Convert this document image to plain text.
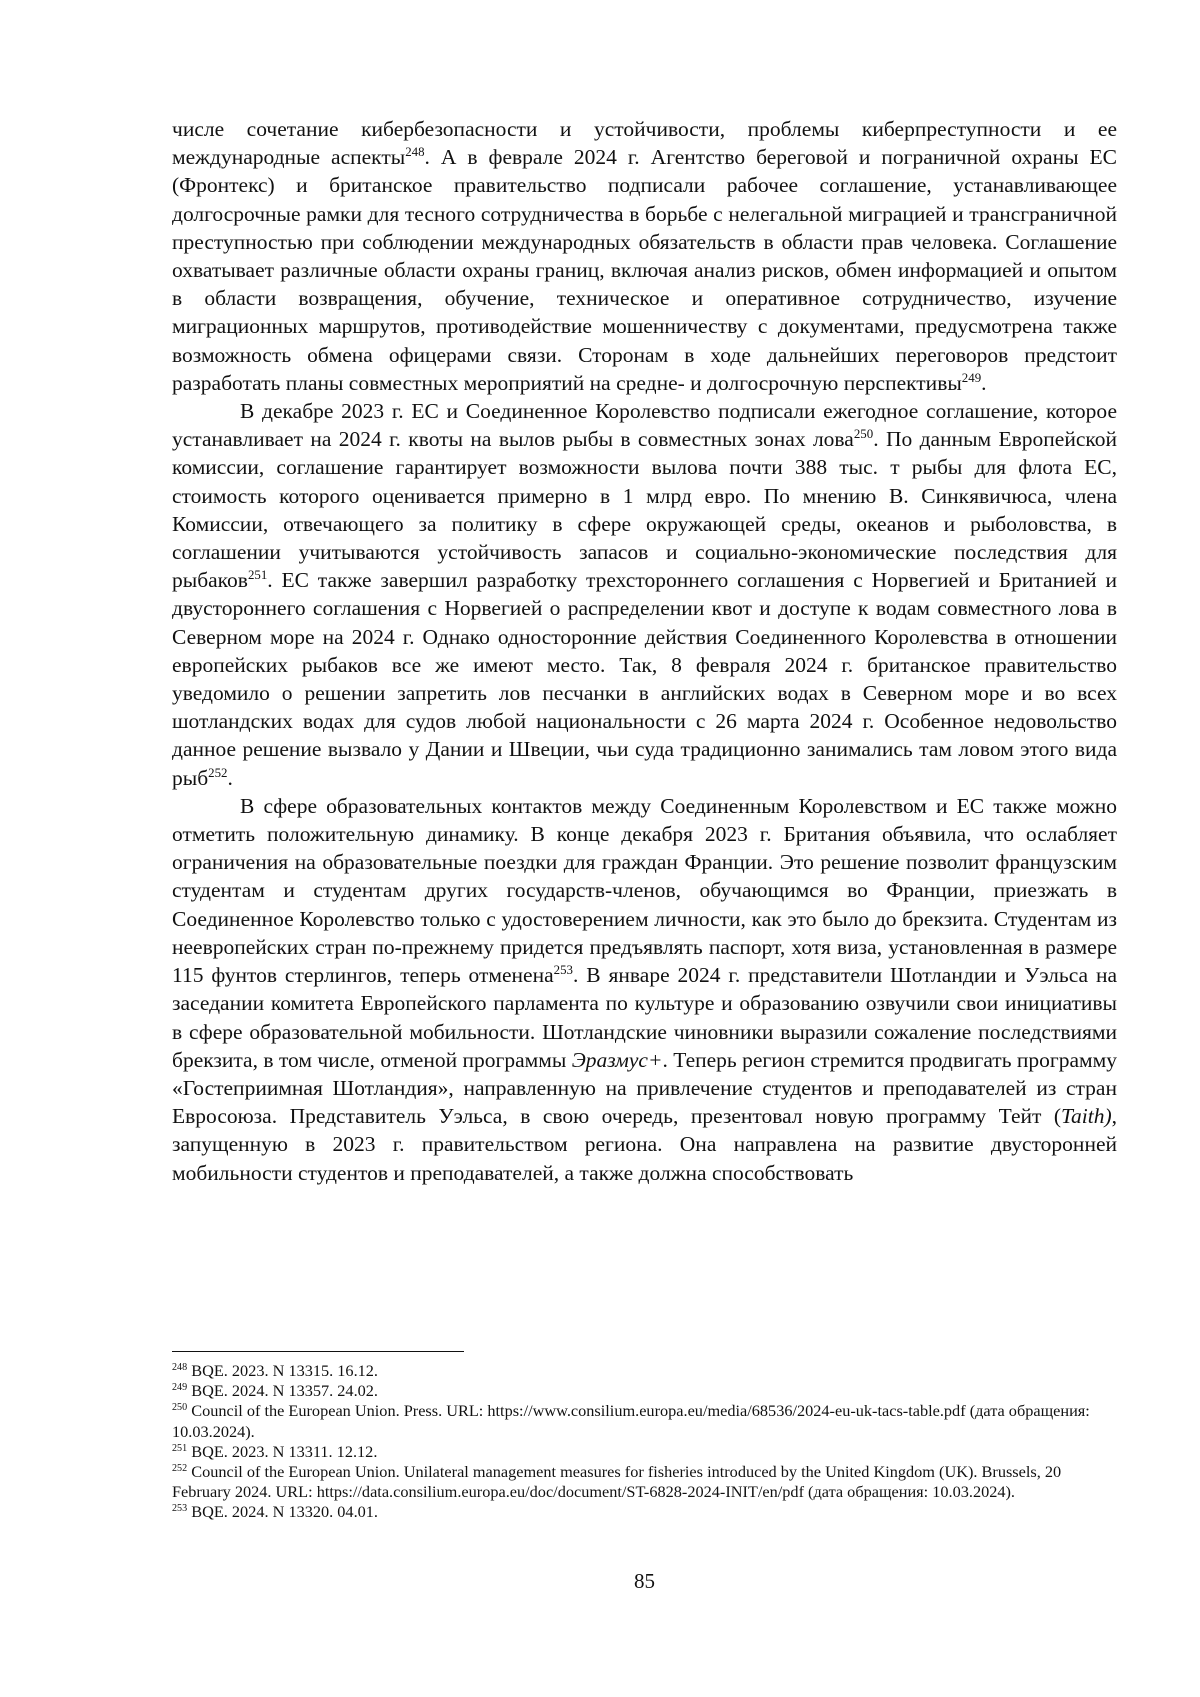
числе сочетание кибербезопасности и устойчивости, проблемы киберпреступности и ее международные аспекты$^{248}$. А в феврале 2024 г. Агентство береговой и пограничной охраны ЕС (Фронтекс) и британское правительство подписали рабочее соглашение, устанавливающее долгосрочные рамки для тесного сотрудничества в борьбе с нелегальной миграцией и трансграничной преступностью при соблюдении международных обязательств в области прав человека. Соглашение охватывает различные области охраны границ, включая анализ рисков, обмен информацией и опытом в области возвращения, обучение, техническое и оперативное сотрудничество, изучение миграционных маршрутов, противодействие мошенничеству с документами, предусмотрена также возможность обмена офицерами связи. Сторонам в ходе дальнейших переговоров предстоит разработать планы совместных мероприятий на средне- и долгосрочную перспективы$^{249}$.

В декабре 2023 г. ЕС и Соединенное Королевство подписали ежегодное соглашение, которое устанавливает на 2024 г. квоты на вылов рыбы в совместных зонах лова$^{250}$. По данным Европейской комиссии, соглашение гарантирует возможности вылова почти 388 тыс. т рыбы для флота ЕС, стоимость которого оценивается примерно в 1 млрд евро. По мнению В. Синкявичюса, члена Комиссии, отвечающего за политику в сфере окружающей среды, океанов и рыболовства, в соглашении учитываются устойчивость запасов и социально-экономические последствия для рыбаков$^{251}$. ЕС также завершил разработку трехстороннего соглашения с Норвегией и Британией и двустороннего соглашения с Норвегией о распределении квот и доступе к водам совместного лова в Северном море на 2024 г. Однако односторонние действия Соединенного Королевства в отношении европейских рыбаков все же имеют место. Так, 8 февраля 2024 г. британское правительство уведомило о решении запретить лов песчанки в английских водах в Северном море и во всех шотландских водах для судов любой национальности с 26 марта 2024 г. Особенное недовольство данное решение вызвало у Дании и Швеции, чьи суда традиционно занимались там ловом этого вида рыб$^{252}$.

В сфере образовательных контактов между Соединенным Королевством и ЕС также можно отметить положительную динамику. В конце декабря 2023 г. Британия объявила, что ослабляет ограничения на образовательные поездки для граждан Франции. Это решение позволит французским студентам и студентам других государств-членов, обучающимся во Франции, приезжать в Соединенное Королевство только с удостоверением личности, как это было до брекзита. Студентам из неевропейских стран по-прежнему придется предъявлять паспорт, хотя виза, установленная в размере 115 фунтов стерлингов, теперь отменена$^{253}$. В январе 2024 г. представители Шотландии и Уэльса на заседании комитета Европейского парламента по культуре и образованию озвучили свои инициативы в сфере образовательной мобильности. Шотландские чиновники выразили сожаление последствиями брекзита, в том числе, отменой программы Эразмус+. Теперь регион стремится продвигать программу «Гостеприимная Шотландия», направленную на привлечение студентов и преподавателей из стран Евросоюза. Представитель Уэльса, в свою очередь, презентовал новую программу Тейт (Taith), запущенную в 2023 г. правительством региона. Она направлена на развитие двусторонней мобильности студентов и преподавателей, а также должна способствовать

$^{248}$ BQE. 2023. N 13315. 16.12.

$^{249}$ BQE. 2024. N 13357. 24.02.

$^{250}$ Council of the European Union. Press. URL: https://www.consilium.europa.eu/media/68536/2024-eu-uk-tacs-table.pdf (дата обращения: 10.03.2024).

$^{251}$ BQE. 2023. N 13311. 12.12.

$^{252}$ Council of the European Union. Unilateral management measures for fisheries introduced by the United Kingdom (UK). Brussels, 20 February 2024. URL: https://data.consilium.europa.eu/doc/document/ST-6828-2024-INIT/en/pdf (дата обращения: 10.03.2024).

$^{253}$ BQE. 2024. N 13320. 04.01.

85
